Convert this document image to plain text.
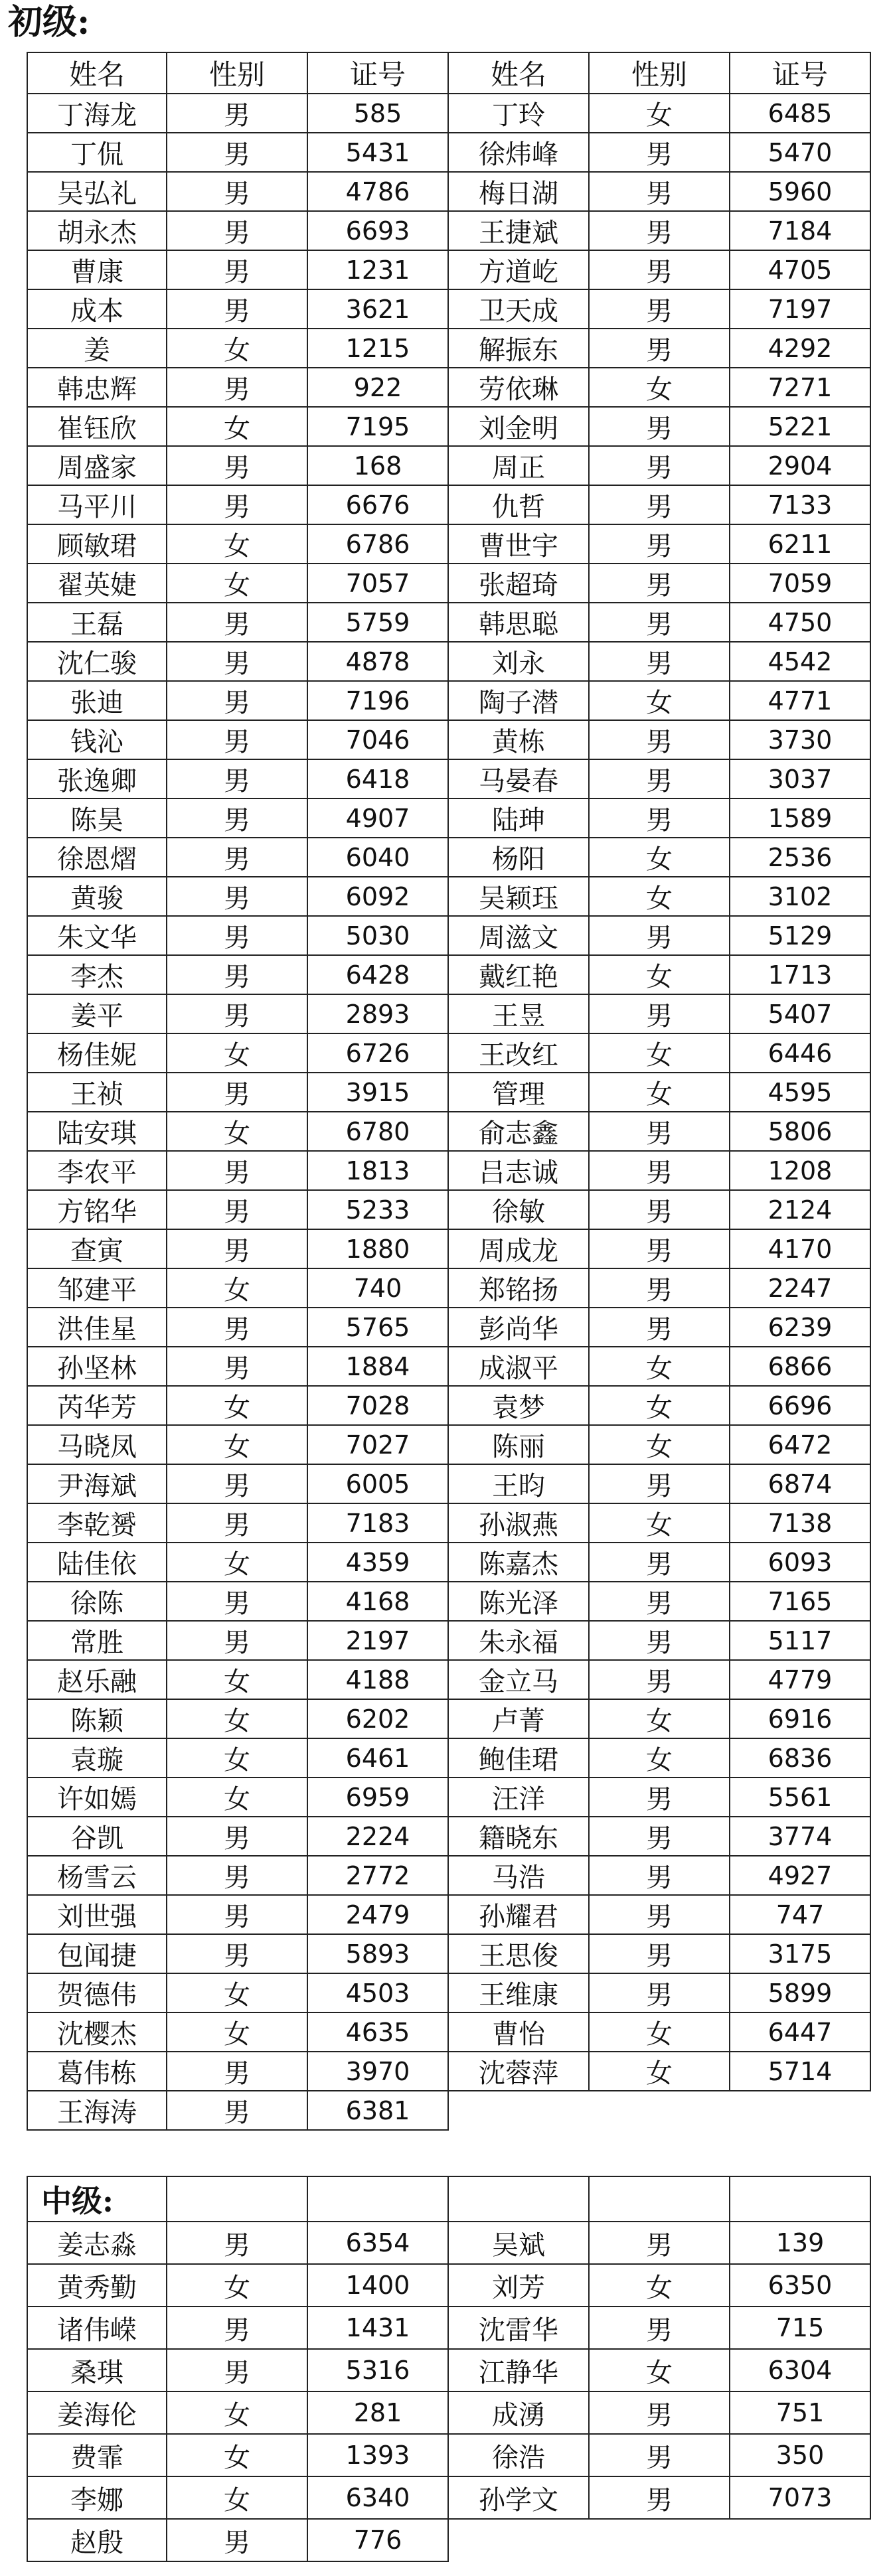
初级:
姓名	性别	证号	姓名	性别	证号
丁海龙	男	585	丁玲	女	6485
丁侃	男	5431	徐炜峰	男	5470
吴弘礼	男	4786	梅日湖	男	5960
胡永杰	男	6693	王捷斌	男	7184
曹康	男	1231	方道屹	男	4705
成本	男	3621	卫天成	男	7197
姜	女	1215	解振东	男	4292
韩忠辉	男	922	劳依琳	女	7271
崔钰欣	女	7195	刘金明	男	5221
周盛家	男	168	周正	男	2904
马平川	男	6676	仇哲	男	7133
顾敏珺	女	6786	曹世宇	男	6211
翟英婕	女	7057	张超琦	男	7059
王磊	男	5759	韩思聪	男	4750
沈仁骏	男	4878	刘永	男	4542
张迪	男	7196	陶子潜	女	4771
钱沁	男	7046	黄栋	男	3730
张逸卿	男	6418	马晏春	男	3037
陈昊	男	4907	陆珅	男	1589
徐恩熠	男	6040	杨阳	女	2536
黄骏	男	6092	吴颖珏	女	3102
朱文华	男	5030	周滋文	男	5129
李杰	男	6428	戴红艳	女	1713
姜平	男	2893	王昱	男	5407
杨佳妮	女	6726	王改红	女	6446
王祯	男	3915	管理	女	4595
陆安琪	女	6780	俞志鑫	男	5806
李农平	男	1813	吕志诚	男	1208
方铭华	男	5233	徐敏	男	2124
查寅	男	1880	周成龙	男	4170
邹建平	女	740	郑铭扬	男	2247
洪佳星	男	5765	彭尚华	男	6239
孙坚林	男	1884	成淑平	女	6866
芮华芳	女	7028	袁梦	女	6696
马晓凤	女	7027	陈丽	女	6472
尹海斌	男	6005	王昀	男	6874
李乾赟	男	7183	孙淑燕	女	7138
陆佳依	女	4359	陈嘉杰	男	6093
徐陈	男	4168	陈光泽	男	7165
常胜	男	2197	朱永福	男	5117
赵乐融	女	4188	金立马	男	4779
陈颖	女	6202	卢菁	女	6916
袁璇	女	6461	鲍佳珺	女	6836
许如嫣	女	6959	汪洋	男	5561
谷凯	男	2224	籍晓东	男	3774
杨雪云	男	2772	马浩	男	4927
刘世强	男	2479	孙耀君	男	747
包闻捷	男	5893	王思俊	男	3175
贺德伟	女	4503	王维康	男	5899
沈樱杰	女	4635	曹怡	女	6447
葛伟栋	男	3970	沈蓉萍	女	5714
王海涛	男	6381			
中级:					
姜志淼	男	6354	吴斌	男	139
黄秀勤	女	1400	刘芳	女	6350
诸伟嵘	男	1431	沈雷华	男	715
桑琪	男	5316	江静华	女	6304
姜海伦	女	281	成湧	男	751
费霏	女	1393	徐浩	男	350
李娜	女	6340	孙学文	男	7073
赵殷	男	776			
